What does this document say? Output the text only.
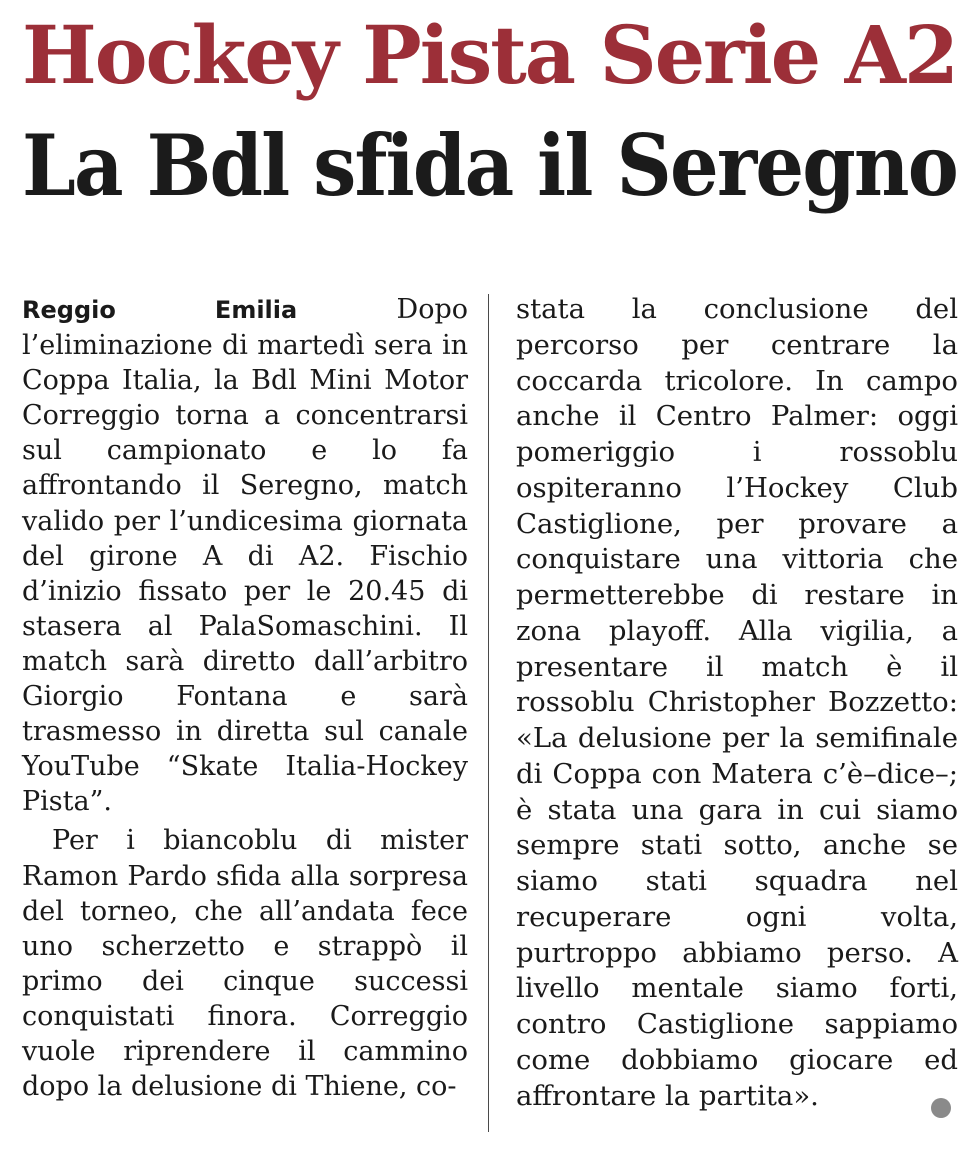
Hockey Pista Serie A2
La Bdl sfida il Seregno

Reggio Emilia	Dopo l’eliminazione di martedì sera in Coppa Italia, la Bdl Mini Motor Correggio torna a concentrarsi sul campionato e lo fa affrontando il Seregno, match valido per l’undicesima giornata del girone A di A2. Fischio d’inizio fissato per le 20.45 di stasera al PalaSomaschini. Il match sarà diretto dall’arbitro Giorgio Fontana e sarà trasmesso in diretta sul canale YouTube “Skate Italia-Hockey Pista”.

Per i biancoblu di mister Ramon Pardo sfida alla sorpresa del torneo, che all’andata fece uno scherzetto e strappò il primo dei cinque successi conquistati finora. Correggio vuole riprendere il cammino dopo la delusione di Thiene, co-

stata la conclusione del percorso per centrare la coccarda tricolore. In campo anche il Centro Palmer: oggi pomeriggio i rossoblu ospiteranno l’Hockey Club Castiglione, per provare a conquistare una vittoria che permetterebbe di restare in zona playoff. Alla vigilia, a presentare il match è il rossoblu Christopher Bozzetto: «La delusione per la semifinale di Coppa con Matera c’è–dice–; è stata una gara in cui siamo sempre stati sotto, anche se siamo stati squadra nel recuperare ogni volta, purtroppo abbiamo perso. A livello mentale siamo forti, contro Castiglione sappiamo come dobbiamo giocare ed affrontare la partita».
